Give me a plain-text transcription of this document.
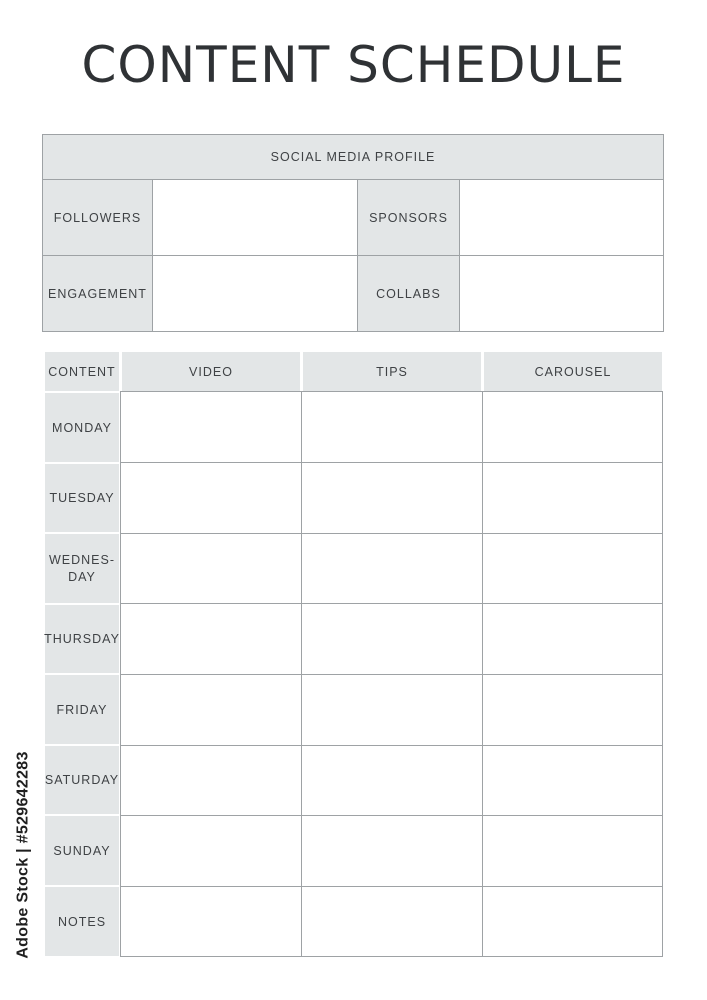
CONTENT SCHEDULE
SOCIAL MEDIA PROFILE
FOLLOWERS	SPONSORS
ENGAGEMENT	COLLABS
CONTENT	VIDEO	TIPS	CAROUSEL
MONDAY
TUESDAY
WEDNES-
DAY
THURSDAY
FRIDAY
SATURDAY
SUNDAY
NOTES
Adobe Stock | #529642283
